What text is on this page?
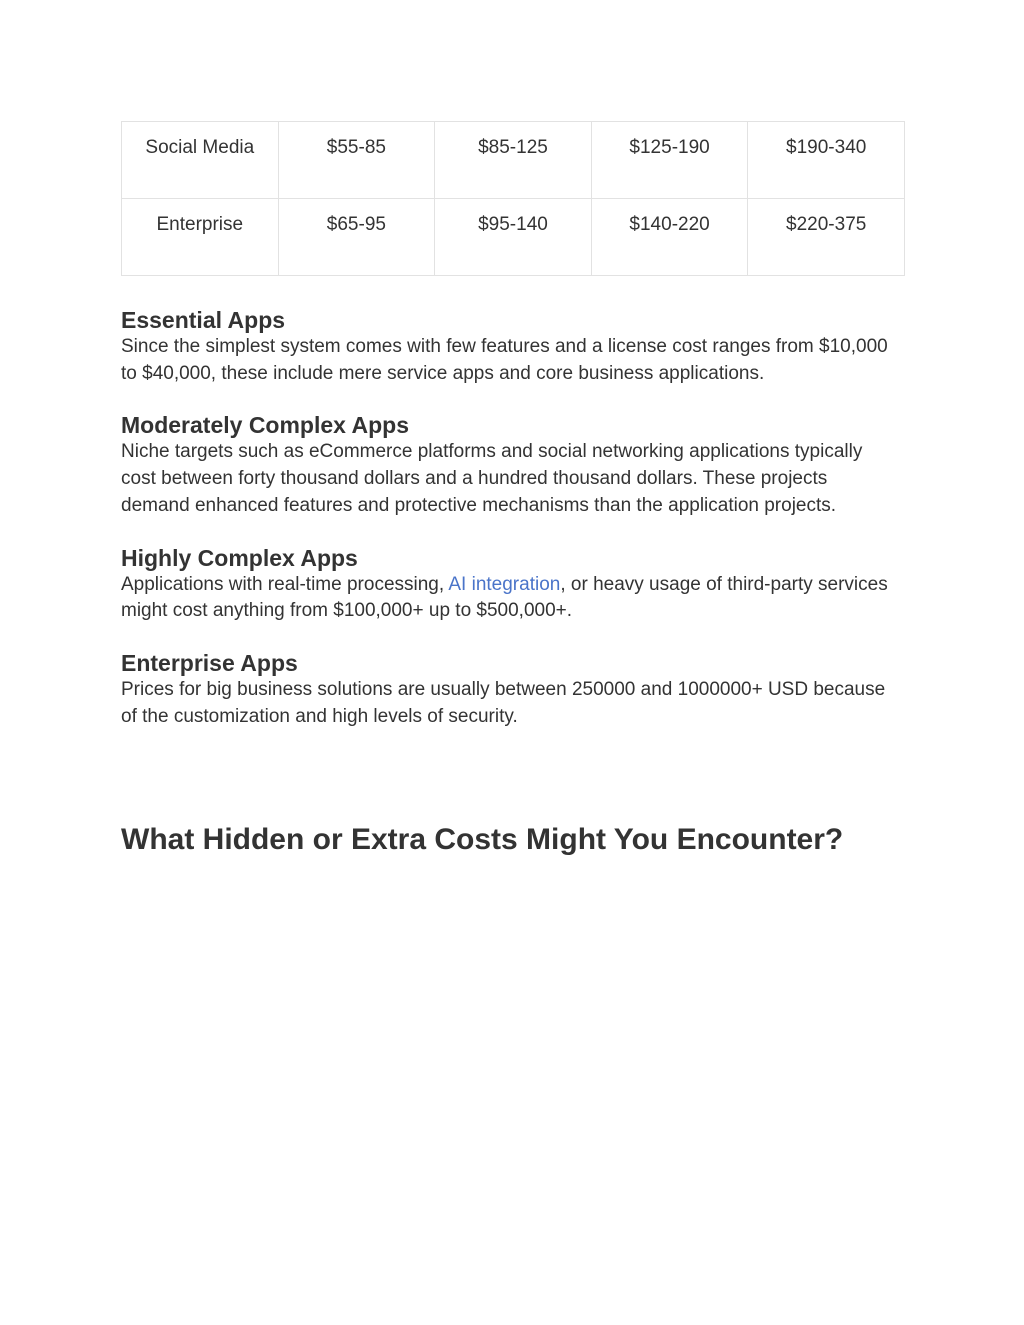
Social Media	$55-85	$85-125	$125-190	$190-340
Enterprise	$65-95	$95-140	$140-220	$220-375
Essential Apps

Since the simplest system comes with few features and a license cost ranges from $10,000 to $40,000, these include mere service apps and core business applications.

Moderately Complex Apps

Niche targets such as eCommerce platforms and social networking applications typically cost between forty thousand dollars and a hundred thousand dollars. These projects demand enhanced features and protective mechanisms than the application projects.

Highly Complex Apps

Applications with real-time processing, AI integration, or heavy usage of third-party services might cost anything from $100,000+ up to $500,000+.

Enterprise Apps

Prices for big business solutions are usually between 250000 and 1000000+ USD because of the customization and high levels of security.

What Hidden or Extra Costs Might You Encounter?
